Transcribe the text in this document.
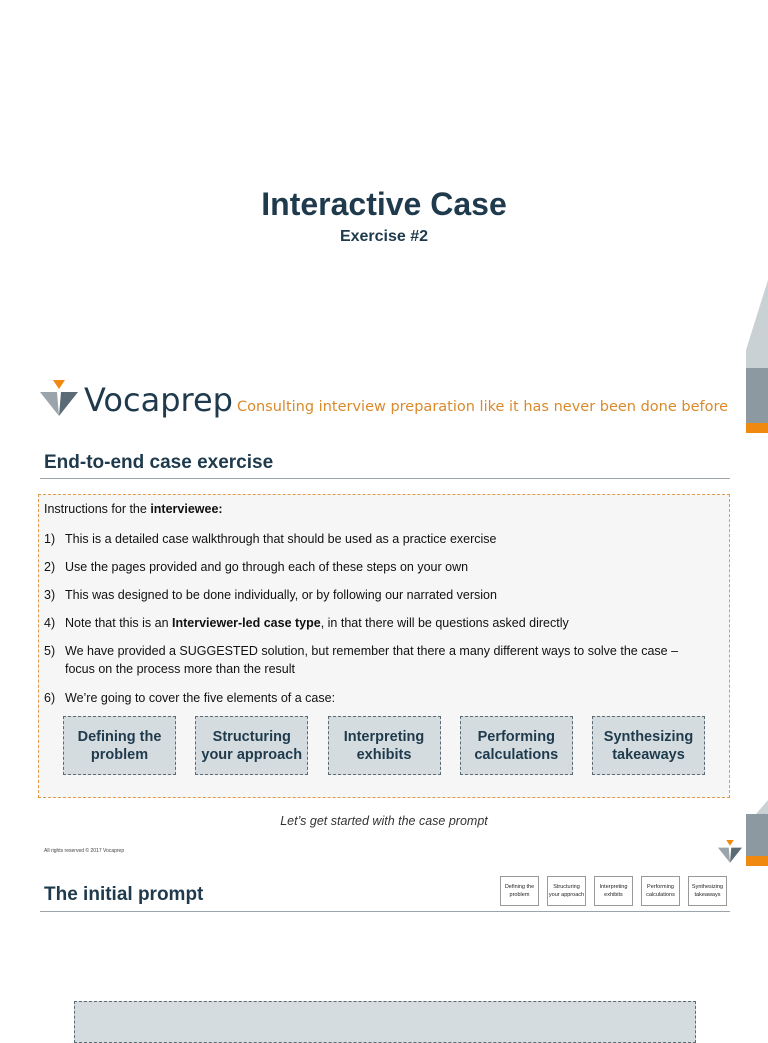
Interactive Case
Exercise #2
Vocaprep Consulting interview preparation like it has never been done before
End-to-end case exercise
Instructions for the interviewee:
1) This is a detailed case walkthrough that should be used as a practice exercise
2) Use the pages provided and go through each of these steps on your own
3) This was designed to be done individually, or by following our narrated version
4) Note that this is an Interviewer-led case type, in that there will be questions asked directly
5) We have provided a SUGGESTED solution, but remember that there a many different ways to solve the case – focus on the process more than the result
6) We’re going to cover the five elements of a case:
Defining the
problem
Structuring
your approach
Interpreting
exhibits
Performing
calculations
Synthesizing
takeaways
Let’s get started with the case prompt
All rights reserved © 2017 Vocaprep
The initial prompt	Defining the
problem
Structuring
your approach
Interpreting
exhibits
Performing
calculations
Synthesizing
takeaways
